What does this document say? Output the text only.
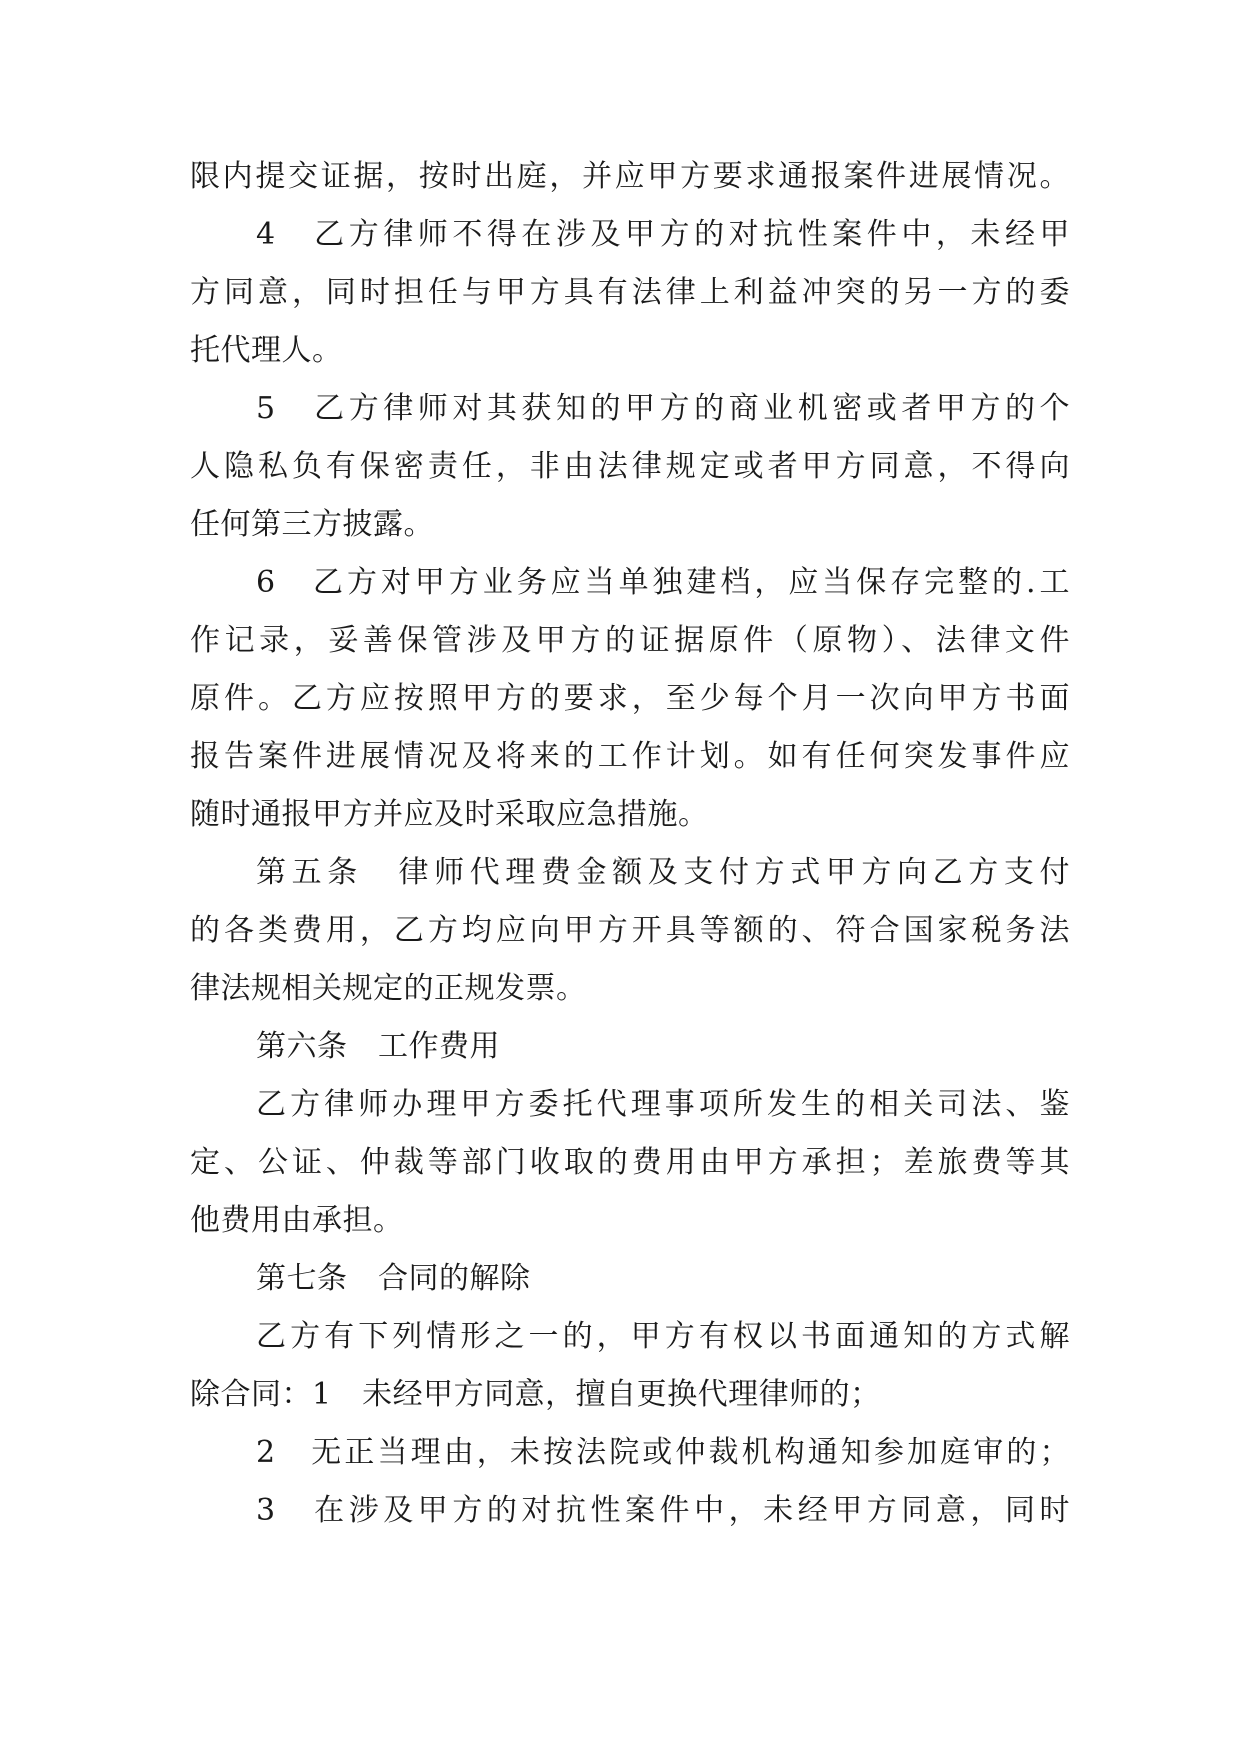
限内提交证据，按时出庭，并应甲方要求通报案件进展情况。
4　乙方律师不得在涉及甲方的对抗性案件中，未经甲
方同意，同时担任与甲方具有法律上利益冲突的另一方的委
托代理人。
5　乙方律师对其获知的甲方的商业机密或者甲方的个
人隐私负有保密责任，非由法律规定或者甲方同意，不得向
任何第三方披露。
6　乙方对甲方业务应当单独建档，应当保存完整的.工
作记录，妥善保管涉及甲方的证据原件（原物）、法律文件
原件。乙方应按照甲方的要求，至少每个月一次向甲方书面
报告案件进展情况及将来的工作计划。如有任何突发事件应
随时通报甲方并应及时采取应急措施。
第五条　律师代理费金额及支付方式甲方向乙方支付
的各类费用，乙方均应向甲方开具等额的、符合国家税务法
律法规相关规定的正规发票。
第六条　工作费用
乙方律师办理甲方委托代理事项所发生的相关司法、鉴
定、公证、仲裁等部门收取的费用由甲方承担；差旅费等其
他费用由承担。
第七条　合同的解除
乙方有下列情形之一的，甲方有权以书面通知的方式解
除合同：1　未经甲方同意，擅自更换代理律师的；
2　无正当理由，未按法院或仲裁机构通知参加庭审的；
3　在涉及甲方的对抗性案件中，未经甲方同意，同时
